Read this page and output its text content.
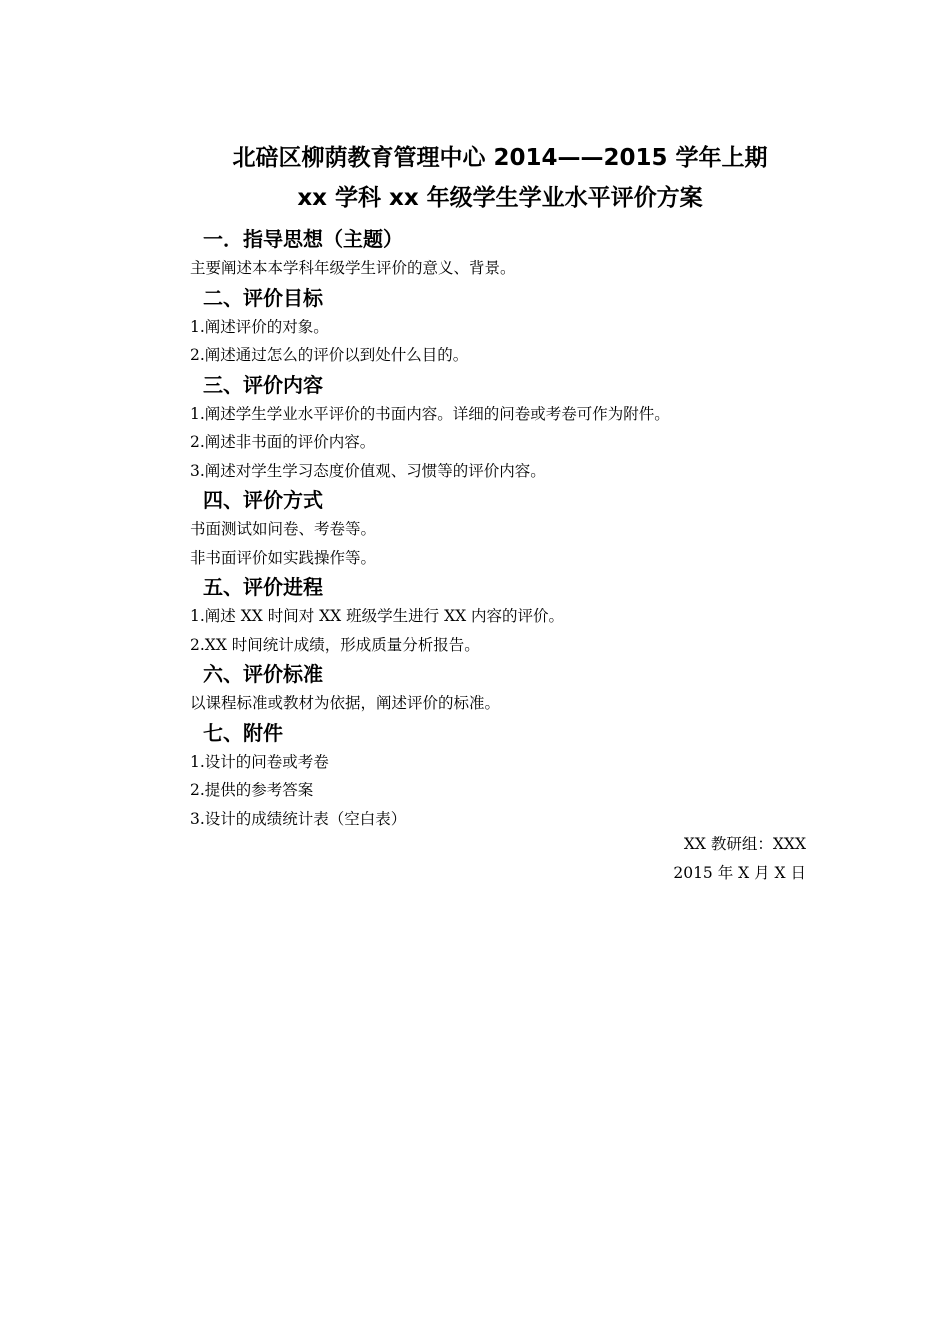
北碚区柳荫教育管理中心 2014——2015 学年上期
xx 学科 xx 年级学生学业水平评价方案
一．指导思想（主题）
主要阐述本本学科年级学生评价的意义、背景。
二、评价目标
1.阐述评价的对象。
2.阐述通过怎么的评价以到处什么目的。
三、评价内容
1.阐述学生学业水平评价的书面内容。详细的问卷或考卷可作为附件。
2.阐述非书面的评价内容。
3.阐述对学生学习态度价值观、习惯等的评价内容。
四、评价方式
书面测试如问卷、考卷等。
非书面评价如实践操作等。
五、评价进程
1.阐述 XX 时间对 XX 班级学生进行 XX 内容的评价。
2.XX 时间统计成绩，形成质量分析报告。
六、评价标准
以课程标准或教材为依据，阐述评价的标准。
七、附件
1.设计的问卷或考卷
2.提供的参考答案
3.设计的成绩统计表（空白表）
XX 教研组：XXX
2015 年 X 月 X 日
